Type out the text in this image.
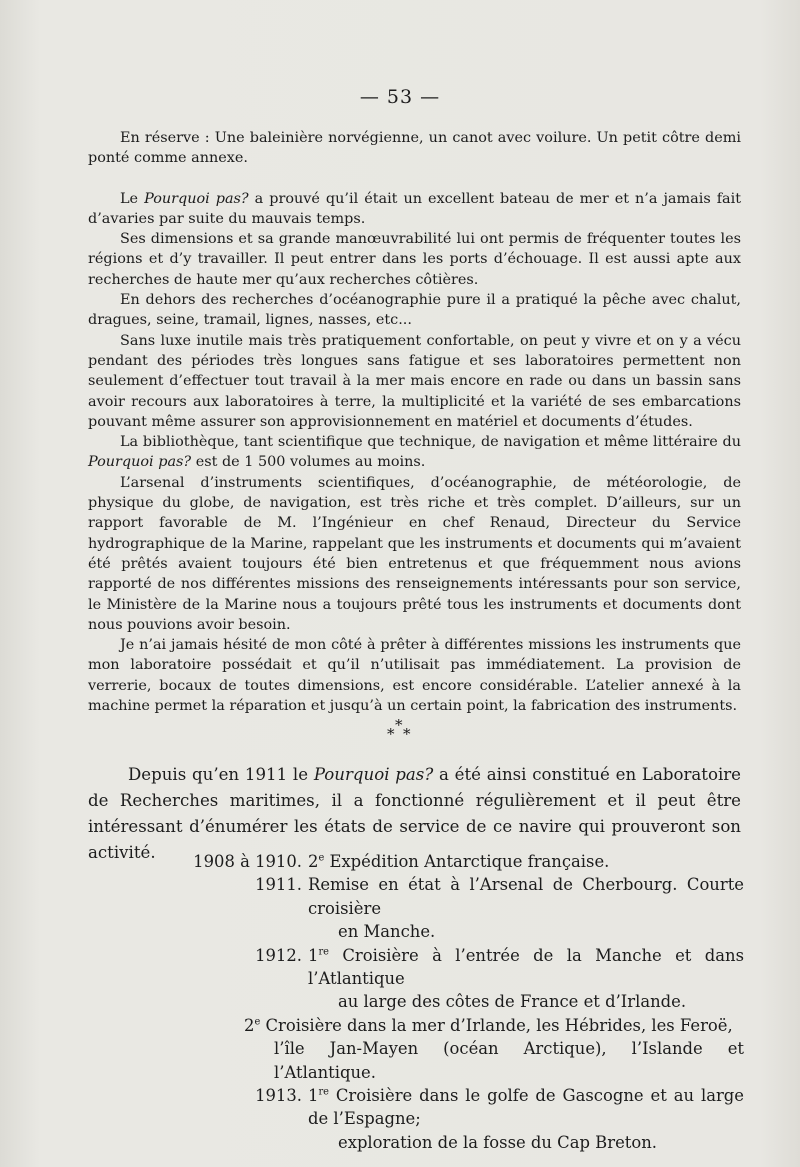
— 53 —

En réserve : Une baleinière norvégienne, un canot avec voilure. Un petit côtre demi ponté comme annexe.

Le Pourquoi pas? a prouvé qu’il était un excellent bateau de mer et n’a jamais fait d’avaries par suite du mauvais temps.

Ses dimensions et sa grande manœuvrabilité lui ont permis de fréquenter toutes les régions et d’y travailler. Il peut entrer dans les ports d’échouage. Il est aussi apte aux recherches de haute mer qu’aux recherches côtières.

En dehors des recherches d’océanographie pure il a pratiqué la pêche avec chalut, dragues, seine, tramail, lignes, nasses, etc...

Sans luxe inutile mais très pratiquement confortable, on peut y vivre et on y a vécu pendant des périodes très longues sans fatigue et ses laboratoires permettent non seulement d’effectuer tout travail à la mer mais encore en rade ou dans un bassin sans avoir recours aux laboratoires à terre, la multiplicité et la variété de ses embarcations pouvant même assurer son approvisionnement en matériel et documents d’études.

La bibliothèque, tant scientifique que technique, de navigation et même littéraire du Pourquoi pas? est de 1 500 volumes au moins.

L’arsenal d’instruments scientifiques, d’océanographie, de météorologie, de physique du globe, de navigation, est très riche et très complet. D’ailleurs, sur un rapport favorable de M. l’Ingénieur en chef Renaud, Directeur du Service hydrographique de la Marine, rappelant que les instruments et documents qui m’avaient été prêtés avaient toujours été bien entretenus et que fréquemment nous avions rapporté de nos différentes missions des renseignements intéressants pour son service, le Ministère de la Marine nous a toujours prêté tous les instruments et documents dont nous pouvions avoir besoin.

Je n’ai jamais hésité de mon côté à prêter à différentes missions les instruments que mon laboratoire possédait et qu’il n’utilisait pas immédiatement. La provision de verrerie, bocaux de toutes dimensions, est encore considérable. L’atelier annexé à la machine permet la réparation et jusqu’à un certain point, la fabrication des instruments.

*
* *

Depuis qu’en 1911 le Pourquoi pas? a été ainsi constitué en Laboratoire de Recherches maritimes, il a fonctionné régulièrement et il peut être intéressant d’énumérer les états de service de ce navire qui prouveront son activité.	1908 à 1910. 2e Expédition Antarctique française.
1911. Remise en état à l’Arsenal de Cherbourg. Courte croisière
en Manche.
1912. 1re Croisière à l’entrée de la Manche et dans l’Atlantique
au large des côtes de France et d’Irlande.
2e Croisière dans la mer d’Irlande, les Hébrides, les Feroë,
l’île Jan-Mayen (océan Arctique), l’Islande et l’Atlantique.
1913. 1re Croisière dans le golfe de Gascogne et au large de l’Espagne;
exploration de la fosse du Cap Breton.
